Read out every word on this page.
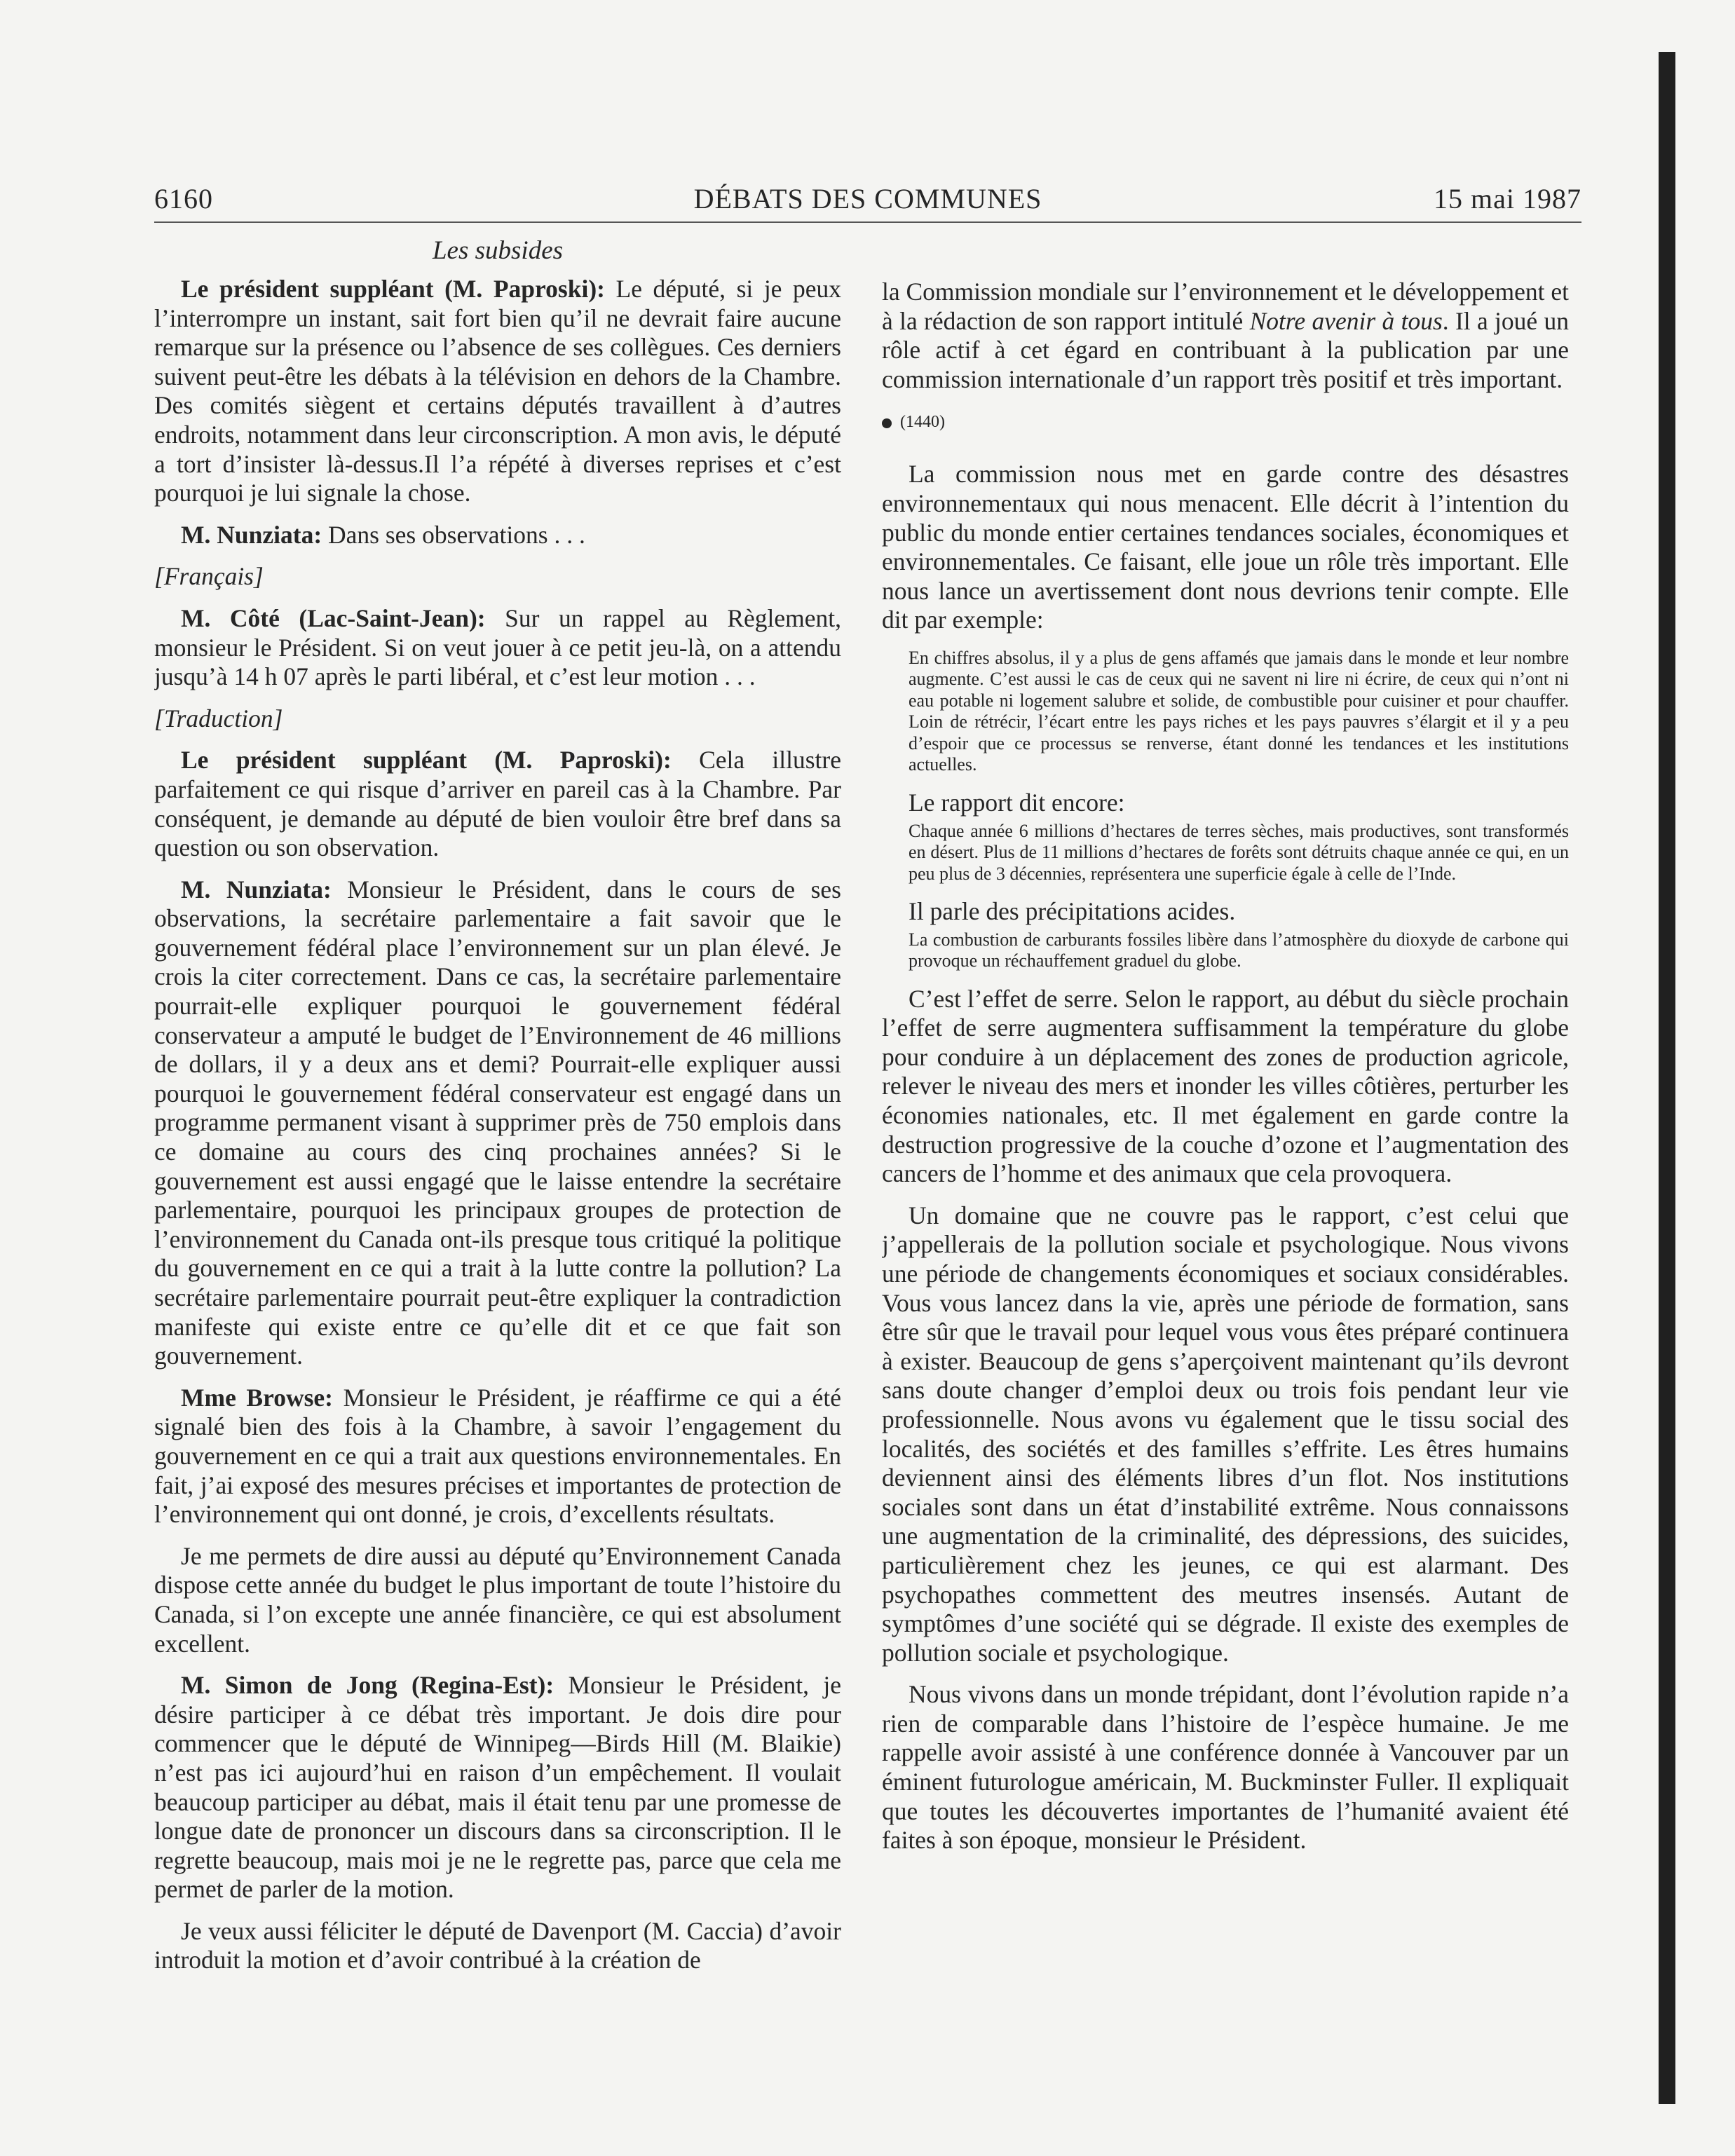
6160	DÉBATS DES COMMUNES	15 mai 1987
Les subsides

Le président suppléant (M. Paproski): Le député, si je peux l’interrompre un instant, sait fort bien qu’il ne devrait faire aucune remarque sur la présence ou l’absence de ses collègues. Ces derniers suivent peut-être les débats à la télévision en dehors de la Chambre. Des comités siègent et certains députés travaillent à d’autres endroits, notamment dans leur circonscription. A mon avis, le député a tort d’insister là-dessus.Il l’a répété à diverses reprises et c’est pourquoi je lui signale la chose.

M. Nunziata: Dans ses observations . . .

[Français]

M. Côté (Lac-Saint-Jean): Sur un rappel au Règlement, monsieur le Président. Si on veut jouer à ce petit jeu-là, on a attendu jusqu’à 14 h 07 après le parti libéral, et c’est leur motion . . .

[Traduction]

Le président suppléant (M. Paproski): Cela illustre parfaitement ce qui risque d’arriver en pareil cas à la Chambre. Par conséquent, je demande au député de bien vouloir être bref dans sa question ou son observation.

M. Nunziata: Monsieur le Président, dans le cours de ses observations, la secrétaire parlementaire a fait savoir que le gouvernement fédéral place l’environnement sur un plan élevé. Je crois la citer correctement. Dans ce cas, la secrétaire parlementaire pourrait-elle expliquer pourquoi le gouvernement fédéral conservateur a amputé le budget de l’Environnement de 46 millions de dollars, il y a deux ans et demi? Pourrait-elle expliquer aussi pourquoi le gouvernement fédéral conservateur est engagé dans un programme permanent visant à supprimer près de 750 emplois dans ce domaine au cours des cinq prochaines années? Si le gouvernement est aussi engagé que le laisse entendre la secrétaire parlementaire, pourquoi les principaux groupes de protection de l’environnement du Canada ont-ils presque tous critiqué la politique du gouvernement en ce qui a trait à la lutte contre la pollution? La secrétaire parlementaire pourrait peut-être expliquer la contradiction manifeste qui existe entre ce qu’elle dit et ce que fait son gouvernement.

Mme Browse: Monsieur le Président, je réaffirme ce qui a été signalé bien des fois à la Chambre, à savoir l’engagement du gouvernement en ce qui a trait aux questions environnementales. En fait, j’ai exposé des mesures précises et importantes de protection de l’environnement qui ont donné, je crois, d’excellents résultats.

Je me permets de dire aussi au député qu’Environnement Canada dispose cette année du budget le plus important de toute l’histoire du Canada, si l’on excepte une année financière, ce qui est absolument excellent.

M. Simon de Jong (Regina-Est): Monsieur le Président, je désire participer à ce débat très important. Je dois dire pour commencer que le député de Winnipeg—Birds Hill (M. Blaikie) n’est pas ici aujourd’hui en raison d’un empêchement. Il voulait beaucoup participer au débat, mais il était tenu par une promesse de longue date de prononcer un discours dans sa circonscription. Il le regrette beaucoup, mais moi je ne le regrette pas, parce que cela me permet de parler de la motion.

Je veux aussi féliciter le député de Davenport (M. Caccia) d’avoir introduit la motion et d’avoir contribué à la création de

la Commission mondiale sur l’environnement et le développement et à la rédaction de son rapport intitulé Notre avenir à tous. Il a joué un rôle actif à cet égard en contribuant à la publication par une commission internationale d’un rapport très positif et très important.

(1440)

La commission nous met en garde contre des désastres environnementaux qui nous menacent. Elle décrit à l’intention du public du monde entier certaines tendances sociales, économiques et environnementales. Ce faisant, elle joue un rôle très important. Elle nous lance un avertissement dont nous devrions tenir compte. Elle dit par exemple:

En chiffres absolus, il y a plus de gens affamés que jamais dans le monde et leur nombre augmente. C’est aussi le cas de ceux qui ne savent ni lire ni écrire, de ceux qui n’ont ni eau potable ni logement salubre et solide, de combustible pour cuisiner et pour chauffer. Loin de rétrécir, l’écart entre les pays riches et les pays pauvres s’élargit et il y a peu d’espoir que ce processus se renverse, étant donné les tendances et les institutions actuelles.

Le rapport dit encore:

Chaque année 6 millions d’hectares de terres sèches, mais productives, sont transformés en désert. Plus de 11 millions d’hectares de forêts sont détruits chaque année ce qui, en un peu plus de 3 décennies, représentera une superficie égale à celle de l’Inde.

Il parle des précipitations acides.

La combustion de carburants fossiles libère dans l’atmosphère du dioxyde de carbone qui provoque un réchauffement graduel du globe.

C’est l’effet de serre. Selon le rapport, au début du siècle prochain l’effet de serre augmentera suffisamment la température du globe pour conduire à un déplacement des zones de production agricole, relever le niveau des mers et inonder les villes côtières, perturber les économies nationales, etc. Il met également en garde contre la destruction progressive de la couche d’ozone et l’augmentation des cancers de l’homme et des animaux que cela provoquera.

Un domaine que ne couvre pas le rapport, c’est celui que j’appellerais de la pollution sociale et psychologique. Nous vivons une période de changements économiques et sociaux considérables. Vous vous lancez dans la vie, après une période de formation, sans être sûr que le travail pour lequel vous vous êtes préparé continuera à exister. Beaucoup de gens s’aperçoivent maintenant qu’ils devront sans doute changer d’emploi deux ou trois fois pendant leur vie professionnelle. Nous avons vu également que le tissu social des localités, des sociétés et des familles s’effrite. Les êtres humains deviennent ainsi des éléments libres d’un flot. Nos institutions sociales sont dans un état d’instabilité extrême. Nous connaissons une augmentation de la criminalité, des dépressions, des suicides, particulièrement chez les jeunes, ce qui est alarmant. Des psychopathes commettent des meutres insensés. Autant de symptômes d’une société qui se dégrade. Il existe des exemples de pollution sociale et psychologique.

Nous vivons dans un monde trépidant, dont l’évolution rapide n’a rien de comparable dans l’histoire de l’espèce humaine. Je me rappelle avoir assisté à une conférence donnée à Vancouver par un éminent futurologue américain, M. Buckminster Fuller. Il expliquait que toutes les découvertes importantes de l’humanité avaient été faites à son époque, monsieur le Président.
